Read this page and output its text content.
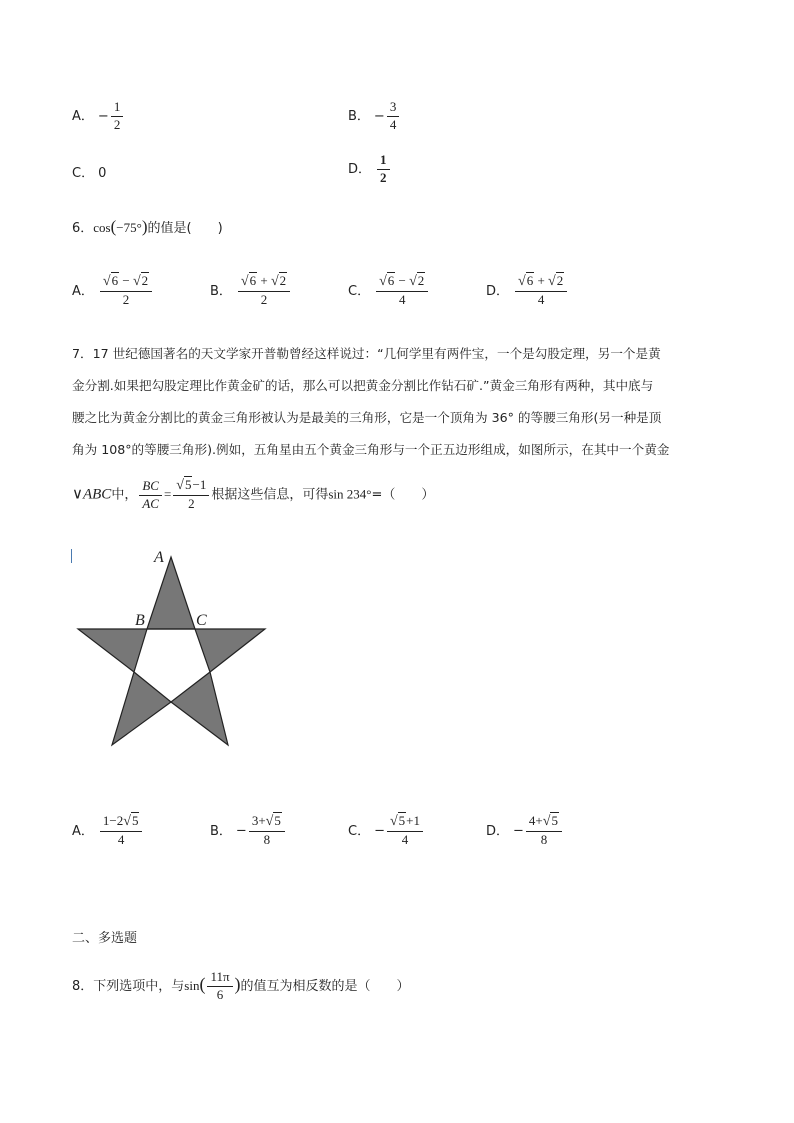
A． − $\frac{1}{2}$	B． − $\frac{3}{4}$
C． 0	D． $\frac{1}{2}$
6．cos(−75°)的值是(　　)
A． $\frac{√6 - √2}{2}$	B． $\frac{√6 + √2}{2}$	C． $\frac{√6 - √2}{4}$	D． $\frac{√6 + √2}{4}$
7．17 世纪德国著名的天文学家开普勒曾经这样说过：“几何学里有两件宝，一个是勾股定理，另一个是黄
金分割.如果把勾股定理比作黄金矿的话，那么可以把黄金分割比作钻石矿.”黄金三角形有两种，其中底与
腰之比为黄金分割比的黄金三角形被认为是最美的三角形，它是一个顶角为 36° 的等腰三角形(另一种是顶
角为 108°的等腰三角形).例如，五角星由五个黄金三角形与一个正五边形组成，如图所示，在其中一个黄金
∨ABC中， $\frac{BC}{AC} = \frac{√5-1}{2}$ 根据这些信息，可得sin 234°=（　　）
A
B	C
A． $\frac{1-2√5}{4}$	B． − $\frac{3+√5}{8}$	C． − $\frac{√5+1}{4}$	D． − $\frac{4+√5}{8}$
二、多选题
8．下列选项中，与$\sin( \frac{11\pi}{6}$ )的值互为相反数的是（　　）
